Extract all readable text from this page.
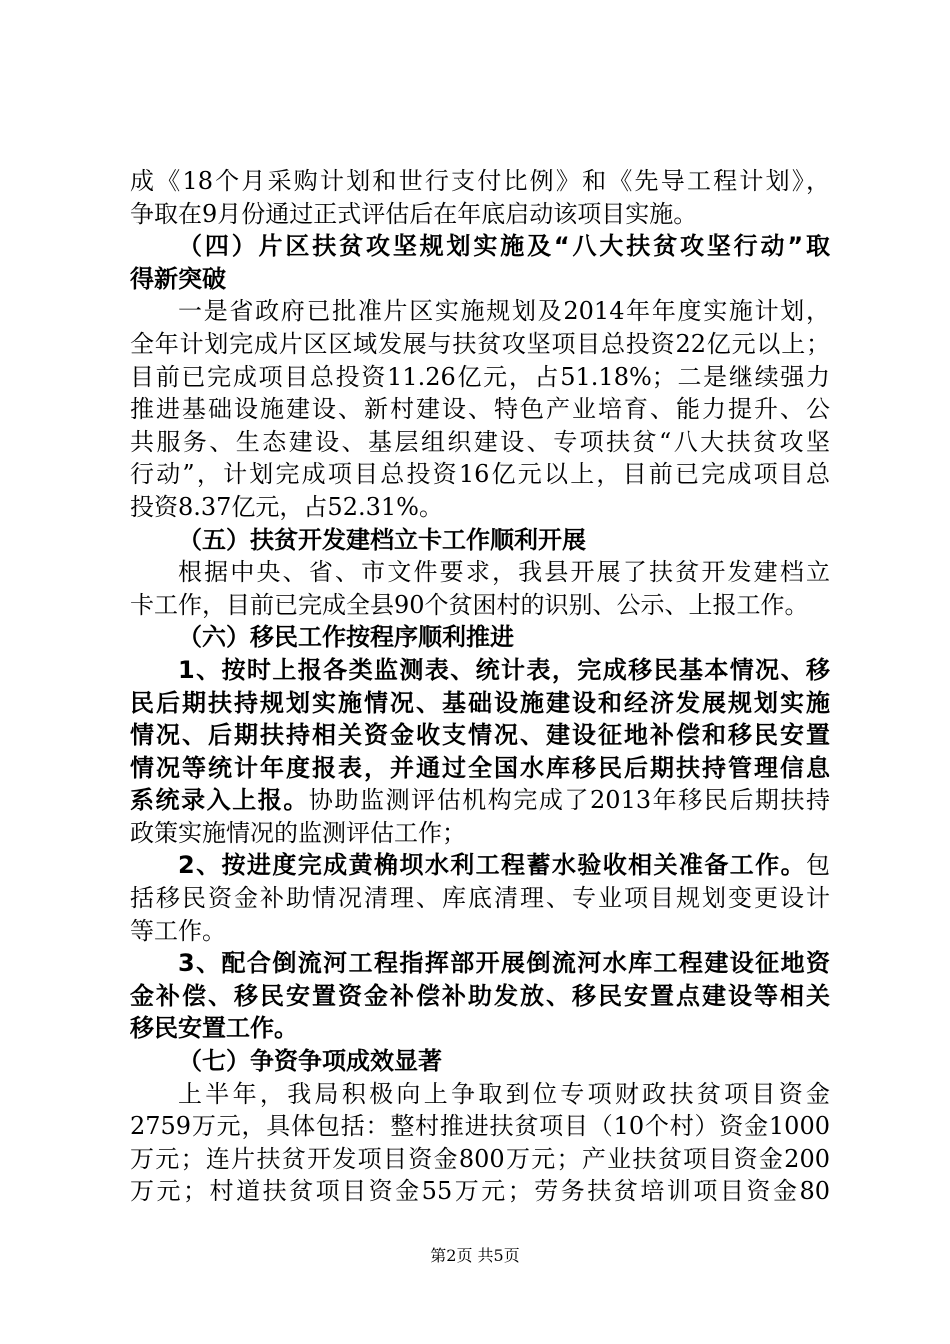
成《18个月采购计划和世行支付比例》和《先导工程计划》，
争取在9月份通过正式评估后在年底启动该项目实施。
（四）片区扶贫攻坚规划实施及“八大扶贫攻坚行动”取
得新突破
一是省政府已批准片区实施规划及2014年年度实施计划，
全年计划完成片区区域发展与扶贫攻坚项目总投资22亿元以上；
目前已完成项目总投资11.26亿元，占51.18%；二是继续强力
推进基础设施建设、新村建设、特色产业培育、能力提升、公
共服务、生态建设、基层组织建设、专项扶贫“八大扶贫攻坚
行动”，计划完成项目总投资16亿元以上，目前已完成项目总
投资8.37亿元，占52.31%。
（五）扶贫开发建档立卡工作顺利开展
根据中央、省、市文件要求，我县开展了扶贫开发建档立
卡工作，目前已完成全县90个贫困村的识别、公示、上报工作。
（六）移民工作按程序顺利推进
1、按时上报各类监测表、统计表，完成移民基本情况、移
民后期扶持规划实施情况、基础设施建设和经济发展规划实施
情况、后期扶持相关资金收支情况、建设征地补偿和移民安置
情况等统计年度报表，并通过全国水库移民后期扶持管理信息
系统录入上报。协助监测评估机构完成了2013年移民后期扶持
政策实施情况的监测评估工作；
2、按进度完成黄桷坝水利工程蓄水验收相关准备工作。包
括移民资金补助情况清理、库底清理、专业项目规划变更设计
等工作。
3、配合倒流河工程指挥部开展倒流河水库工程建设征地资
金补偿、移民安置资金补偿补助发放、移民安置点建设等相关
移民安置工作。
（七）争资争项成效显著
上半年，我局积极向上争取到位专项财政扶贫项目资金
2759万元，具体包括：整村推进扶贫项目（10个村）资金1000
万元；连片扶贫开发项目资金800万元；产业扶贫项目资金200
万元；村道扶贫项目资金55万元；劳务扶贫培训项目资金80
第2页 共5页
